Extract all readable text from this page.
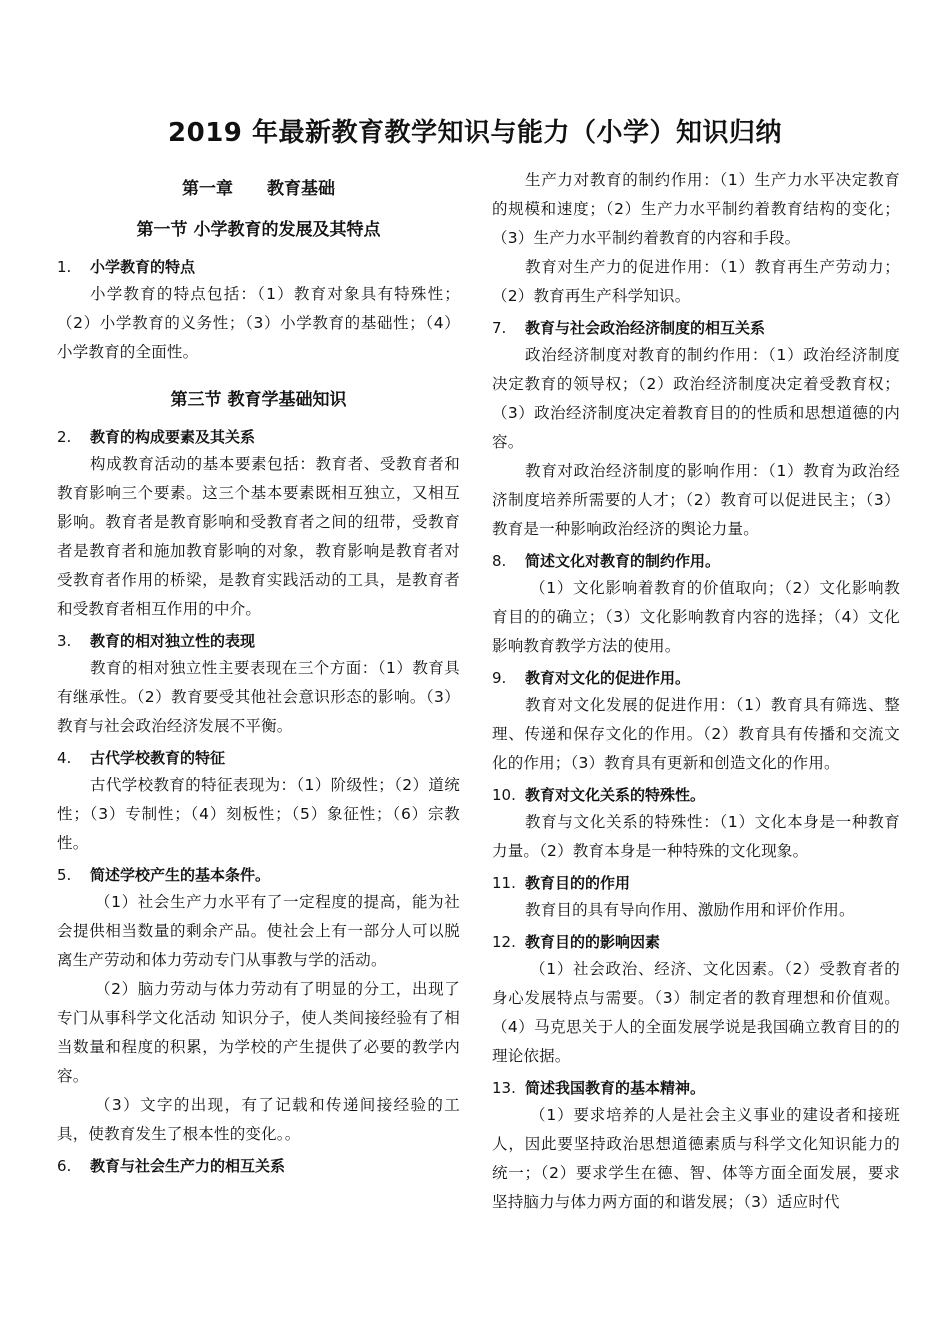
2019 年最新教育教学知识与能力（小学）知识归纳
第一章　　教育基础
第一节 小学教育的发展及其特点
1.	小学教育的特点

小学教育的特点包括：（1）教育对象具有特殊性；（2）小学教育的义务性；（3）小学教育的基础性；（4）小学教育的全面性。

第三节 教育学基础知识
2.	教育的构成要素及其关系

构成教育活动的基本要素包括：教育者、受教育者和教育影响三个要素。这三个基本要素既相互独立，又相互影响。教育者是教育影响和受教育者之间的纽带，受教育者是教育者和施加教育影响的对象，教育影响是教育者对受教育者作用的桥梁，是教育实践活动的工具，是教育者和受教育者相互作用的中介。

3.	教育的相对独立性的表现

教育的相对独立性主要表现在三个方面：（1）教育具有继承性。（2）教育要受其他社会意识形态的影响。（3）教育与社会政治经济发展不平衡。

4.	古代学校教育的特征

古代学校教育的特征表现为：（1）阶级性；（2）道统性；（3）专制性；（4）刻板性；（5）象征性；（6）宗教性。

5.	简述学校产生的基本条件。

（1）社会生产力水平有了一定程度的提高，能为社会提供相当数量的剩余产品。使社会上有一部分人可以脱离生产劳动和体力劳动专门从事教与学的活动。

（2）脑力劳动与体力劳动有了明显的分工，出现了专门从事科学文化活动 知识分子，使人类间接经验有了相当数量和程度的积累，为学校的产生提供了必要的教学内容。

（3）文字的出现，有了记载和传递间接经验的工具，使教育发生了根本性的变化。。

6.	教育与社会生产力的相互关系

生产力对教育的制约作用：（1）生产力水平决定教育的规模和速度；（2）生产力水平制约着教育结构的变化；（3）生产力水平制约着教育的内容和手段。

教育对生产力的促进作用：（1）教育再生产劳动力；（2）教育再生产科学知识。

7.	教育与社会政治经济制度的相互关系

政治经济制度对教育的制约作用：（1）政治经济制度决定教育的领导权；（2）政治经济制度决定着受教育权；（3）政治经济制度决定着教育目的的性质和思想道德的内容。

教育对政治经济制度的影响作用：（1）教育为政治经济制度培养所需要的人才；（2）教育可以促进民主；（3）教育是一种影响政治经济的舆论力量。

8.	简述文化对教育的制约作用。

（1）文化影响着教育的价值取向；（2）文化影响教育目的的确立；（3）文化影响教育内容的选择；（4）文化影响教育教学方法的使用。

9.	教育对文化的促进作用。

教育对文化发展的促进作用：（1）教育具有筛选、整理、传递和保存文化的作用。（2）教育具有传播和交流文化的作用；（3）教育具有更新和创造文化的作用。

10. 教育对文化关系的特殊性。

教育与文化关系的特殊性：（1）文化本身是一种教育力量。（2）教育本身是一种特殊的文化现象。

11. 教育目的的作用

教育目的具有导向作用、激励作用和评价作用。

12. 教育目的的影响因素

（1）社会政治、经济、文化因素。（2）受教育者的身心发展特点与需要。（3）制定者的教育理想和价值观。（4）马克思关于人的全面发展学说是我国确立教育目的的理论依据。

13. 简述我国教育的基本精神。

（1）要求培养的人是社会主义事业的建设者和接班人，因此要坚持政治思想道德素质与科学文化知识能力的统一；（2）要求学生在德、智、体等方面全面发展，要求坚持脑力与体力两方面的和谐发展；（3）适应时代
